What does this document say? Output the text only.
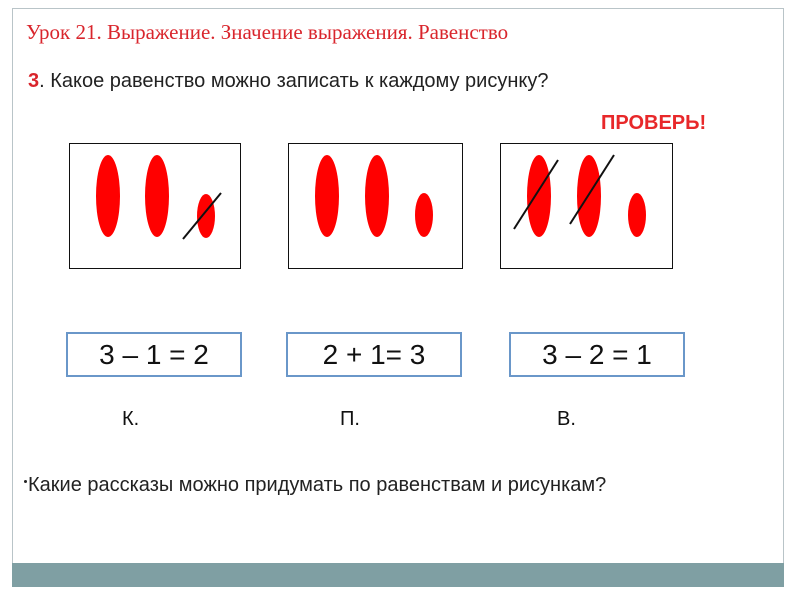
Урок 21. Выражение. Значение выражения. Равенство
3. Какое равенство можно записать к каждому рисунку?
ПРОВЕРЬ!
3 – 1 = 2	2 + 1= 3	3 – 2 = 1
К.	П.	В.
Какие рассказы можно придумать по равенствам и рисункам?
